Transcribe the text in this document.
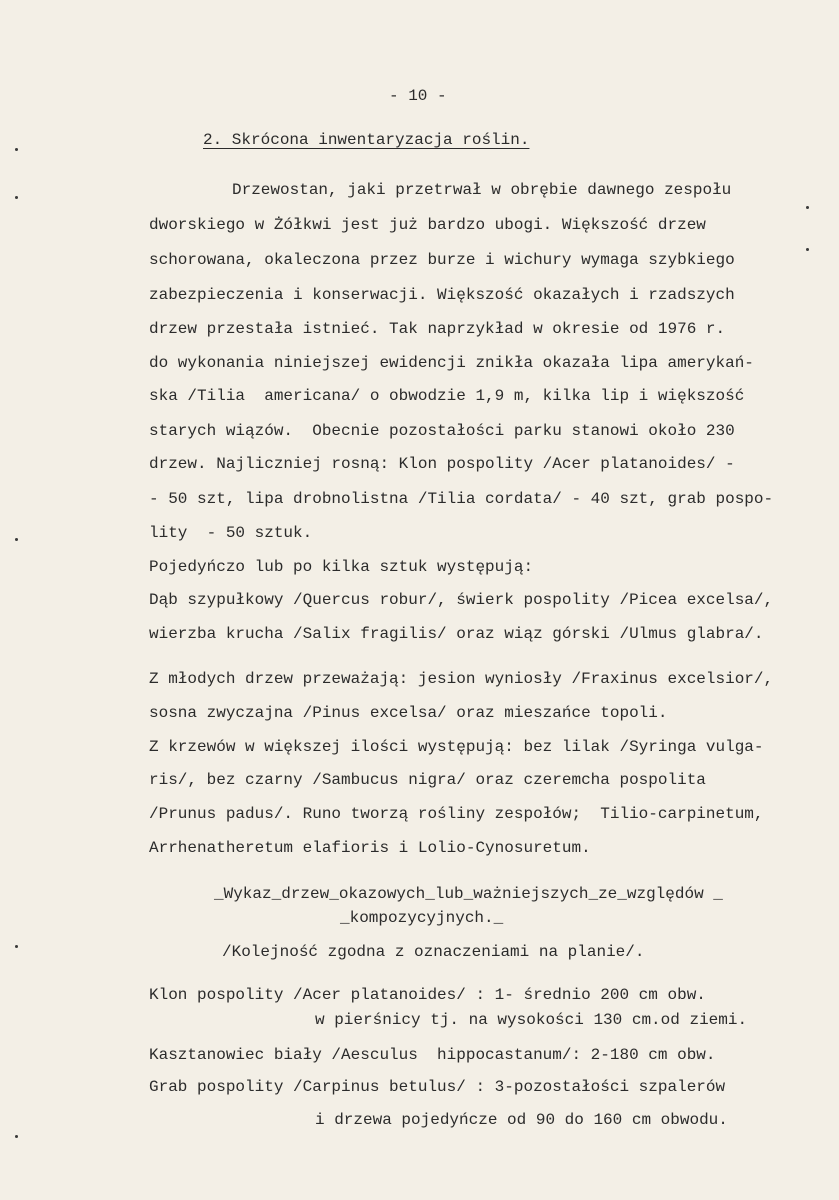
- 10 -
2. Skrócona inwentaryzacja roślin.
Drzewostan, jaki przetrwał w obrębie dawnego zespołu
dworskiego w Żółkwi jest już bardzo ubogi. Większość drzew
schorowana, okaleczona przez burze i wichury wymaga szybkiego
zabezpieczenia i konserwacji. Większość okazałych i rzadszych
drzew przestała istnieć. Tak naprzykład w okresie od 1976 r.
do wykonania niniejszej ewidencji znikła okazała lipa amerykań-
ska /Tilia  americana/ o obwodzie 1,9 m, kilka lip i większość
starych wiązów.  Obecnie pozostałości parku stanowi około 230
drzew. Najliczniej rosną: Klon pospolity /Acer platanoides/ -
- 50 szt, lipa drobnolistna /Tilia cordata/ - 40 szt, grab pospo-
lity  - 50 sztuk.
Pojedyńczo lub po kilka sztuk występują:
Dąb szypułkowy /Quercus robur/, świerk pospolity /Picea excelsa/,
wierzba krucha /Salix fragilis/ oraz wiąz górski /Ulmus glabra/.
Z młodych drzew przeważają: jesion wyniosły /Fraxinus excelsior/,
sosna zwyczajna /Pinus excelsa/ oraz mieszańce topoli.
Z krzewów w większej ilości występują: bez lilak /Syringa vulga-
ris/, bez czarny /Sambucus nigra/ oraz czeremcha pospolita
/Prunus padus/. Runo tworzą rośliny zespołów;  Tilio-carpinetum,
Arrhenatheretum elafioris i Lolio-Cynosuretum.
_Wykaz_drzew_okazowych_lub_ważniejszych_ze_względów _
_kompozycyjnych._
/Kolejność zgodna z oznaczeniami na planie/.
Klon pospolity /Acer platanoides/ : 1- średnio 200 cm obw.
w pierśnicy tj. na wysokości 130 cm.od ziemi.
Kasztanowiec biały /Aesculus  hippocastanum/: 2-180 cm obw.
Grab pospolity /Carpinus betulus/ : 3-pozostałości szpalerów
i drzewa pojedyńcze od 90 do 160 cm obwodu.
